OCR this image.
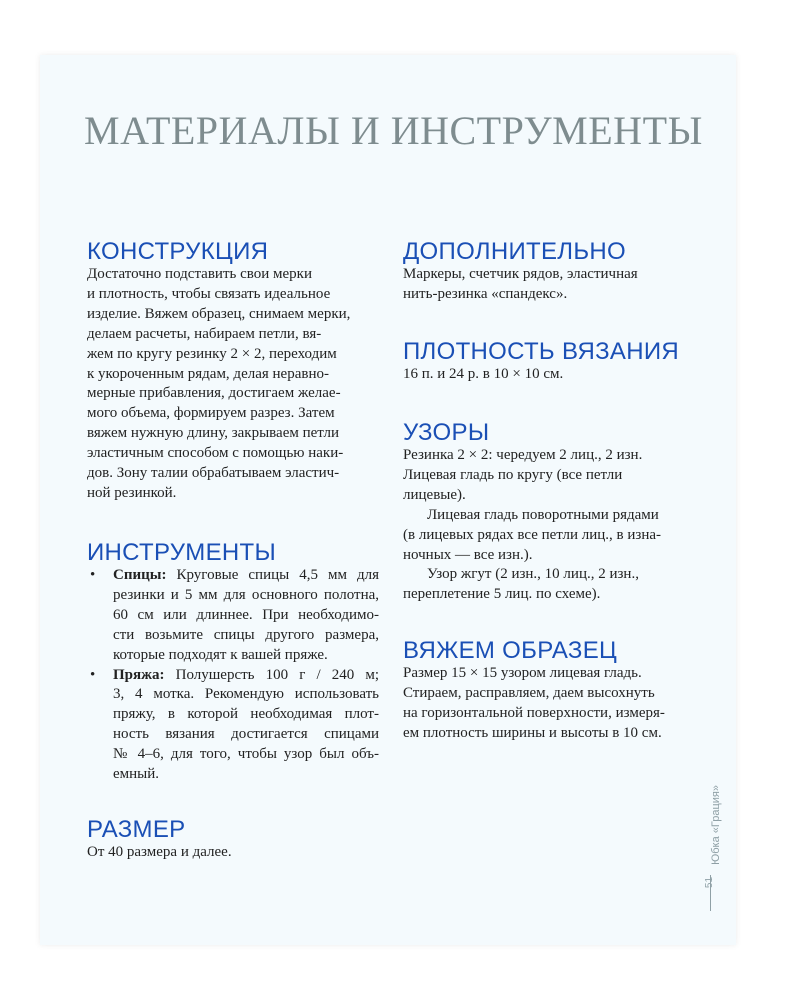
МАТЕРИАЛЫ И ИНСТРУМЕНТЫ
КОНСТРУКЦИЯ

Достаточно подставить свои мерки
и плотность, чтобы связать идеальное
изделие. Вяжем образец, снимаем мерки,
делаем расчеты, набираем петли, вя-
жем по кругу резинку 2 × 2, переходим
к укороченным рядам, делая неравно-
мерные прибавления, достигаем желае-
мого объема, формируем разрез. Затем
вяжем нужную длину, закрываем петли
эластичным способом с помощью наки-
дов. Зону талии обрабатываем эластич-
ной резинкой.

ИНСТРУМЕНТЫ
• Спицы: Круговые спицы 4,5 мм для
резинки и 5 мм для основного полотна,
60 см или длиннее. При необходимо-
сти возьмите спицы другого размера,
которые подходят к вашей пряже.
• Пряжа: Полушерсть 100 г / 240 м;
3, 4 мотка. Рекомендую использовать
пряжу, в которой необходимая плот-
ность вязания достигается спицами
№ 4–6, для того, чтобы узор был объ-
емный.
РАЗМЕР

От 40 размера и далее.

ДОПОЛНИТЕЛЬНО

Маркеры, счетчик рядов, эластичная
нить-резинка «спандекс».

ПЛОТНОСТЬ ВЯЗАНИЯ

16 п. и 24 р. в 10 × 10 см.

УЗОРЫ

Резинка 2 × 2: чередуем 2 лиц., 2 изн.
Лицевая гладь по кругу (все петли
лицевые).
Лицевая гладь поворотными рядами
(в лицевых рядах все петли лиц., в изна-
ночных — все изн.).
Узор жгут (2 изн., 10 лиц., 2 изн.,
переплетение 5 лиц. по схеме).

ВЯЖЕМ ОБРАЗЕЦ

Размер 15 × 15 узором лицевая гладь.
Стираем, расправляем, даем высохнуть
на горизонтальной поверхности, измеря-
ем плотность ширины и высоты в 10 см.

Юбка «Грация»
51
